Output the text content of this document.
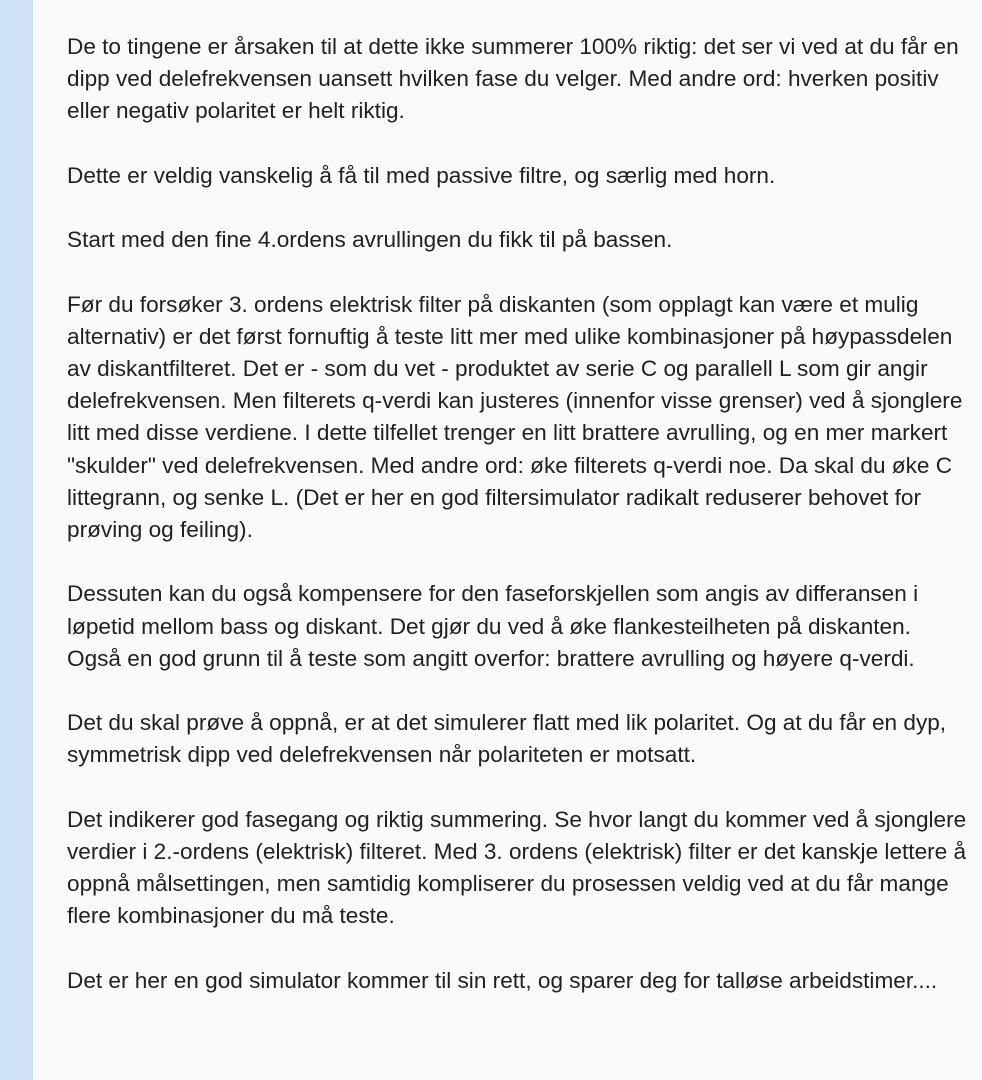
De to tingene er årsaken til at dette ikke summerer 100% riktig: det ser vi ved at du får en dipp ved delefrekvensen uansett hvilken fase du velger. Med andre ord: hverken positiv eller negativ polaritet er helt riktig.

Dette er veldig vanskelig å få til med passive filtre, og særlig med horn.

Start med den fine 4.ordens avrullingen du fikk til på bassen.

Før du forsøker 3. ordens elektrisk filter på diskanten (som opplagt kan være et mulig alternativ) er det først fornuftig å teste litt mer med ulike kombinasjoner på høypassdelen av diskantfilteret. Det er - som du vet - produktet av serie C og parallell L som gir angir delefrekvensen. Men filterets q-verdi kan justeres (innenfor visse grenser) ved å sjonglere litt med disse verdiene. I dette tilfellet trenger en litt brattere avrulling, og en mer markert "skulder" ved delefrekvensen. Med andre ord: øke filterets q-verdi noe. Da skal du øke C littegrann, og senke L. (Det er her en god filtersimulator radikalt reduserer behovet for prøving og feiling).

Dessuten kan du også kompensere for den faseforskjellen som angis av differansen i løpetid mellom bass og diskant. Det gjør du ved å øke flankesteilheten på diskanten. Også en god grunn til å teste som angitt overfor: brattere avrulling og høyere q-verdi.

Det du skal prøve å oppnå, er at det simulerer flatt med lik polaritet. Og at du får en dyp, symmetrisk dipp ved delefrekvensen når polariteten er motsatt.

Det indikerer god fasegang og riktig summering. Se hvor langt du kommer ved å sjonglere verdier i 2.-ordens (elektrisk) filteret. Med 3. ordens (elektrisk) filter er det kanskje lettere å oppnå målsettingen, men samtidig kompliserer du prosessen veldig ved at du får mange flere kombinasjoner du må teste.

Det er her en god simulator kommer til sin rett, og sparer deg for talløse arbeidstimer....
